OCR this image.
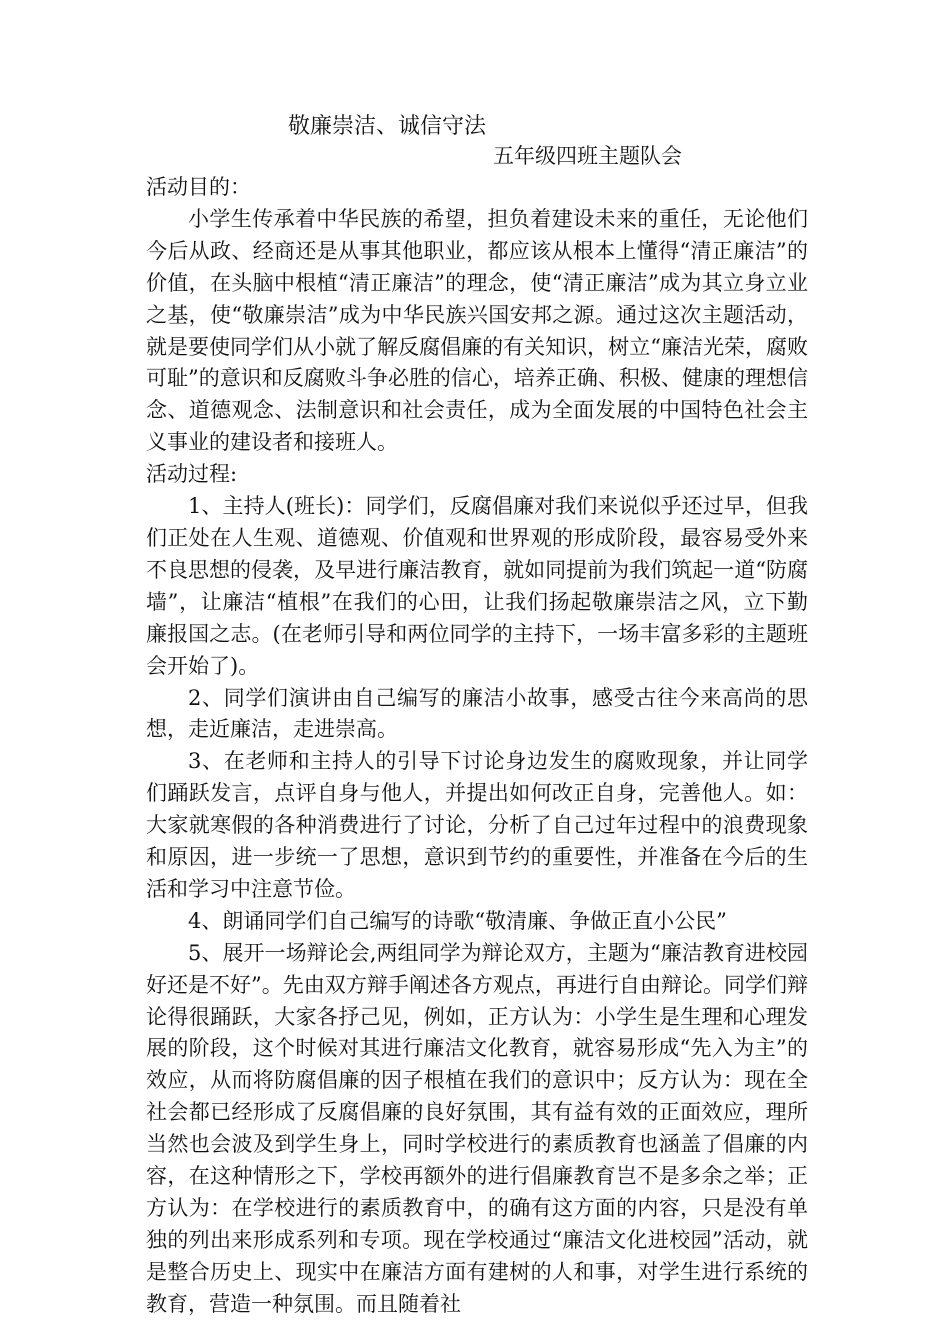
敬廉崇洁、诚信守法
五年级四班主题队会

活动目的：

小学生传承着中华民族的希望，担负着建设未来的重任，无论他们今后从政、经商还是从事其他职业，都应该从根本上懂得“清正廉洁”的价值，在头脑中根植“清正廉洁”的理念，使“清正廉洁”成为其立身立业之基，使“敬廉崇洁”成为中华民族兴国安邦之源。通过这次主题活动，就是要使同学们从小就了解反腐倡廉的有关知识，树立“廉洁光荣，腐败可耻”的意识和反腐败斗争必胜的信心，培养正确、积极、健康的理想信念、道德观念、法制意识和社会责任，成为全面发展的中国特色社会主义事业的建设者和接班人。

活动过程:

1、主持人(班长)：同学们，反腐倡廉对我们来说似乎还过早，但我们正处在人生观、道德观、价值观和世界观的形成阶段，最容易受外来不良思想的侵袭，及早进行廉洁教育，就如同提前为我们筑起一道“防腐墙”，让廉洁“植根”在我们的心田，让我们扬起敬廉崇洁之风，立下勤廉报国之志。(在老师引导和两位同学的主持下，一场丰富多彩的主题班会开始了)。

2、同学们演讲由自己编写的廉洁小故事，感受古往今来高尚的思想，走近廉洁，走进崇高。

3、在老师和主持人的引导下讨论身边发生的腐败现象，并让同学们踊跃发言，点评自身与他人，并提出如何改正自身，完善他人。如：大家就寒假的各种消费进行了讨论，分析了自己过年过程中的浪费现象和原因，进一步统一了思想，意识到节约的重要性，并准备在今后的生活和学习中注意节俭。

4、朗诵同学们自己编写的诗歌“敬清廉、争做正直小公民”

5、展开一场辩论会,两组同学为辩论双方，主题为“廉洁教育进校园好还是不好”。先由双方辩手阐述各方观点，再进行自由辩论。同学们辩论得很踊跃，大家各抒己见，例如，正方认为：小学生是生理和心理发展的阶段，这个时候对其进行廉洁文化教育，就容易形成“先入为主”的效应，从而将防腐倡廉的因子根植在我们的意识中；反方认为：现在全社会都已经形成了反腐倡廉的良好氛围，其有益有效的正面效应，理所当然也会波及到学生身上，同时学校进行的素质教育也涵盖了倡廉的内容，在这种情形之下，学校再额外的进行倡廉教育岂不是多余之举；正方认为：在学校进行的素质教育中，的确有这方面的内容，只是没有单独的列出来形成系列和专项。现在学校通过“廉洁文化进校园”活动，就是整合历史上、现实中在廉洁方面有建树的人和事，对学生进行系统的教育，营造一种氛围。而且随着社
